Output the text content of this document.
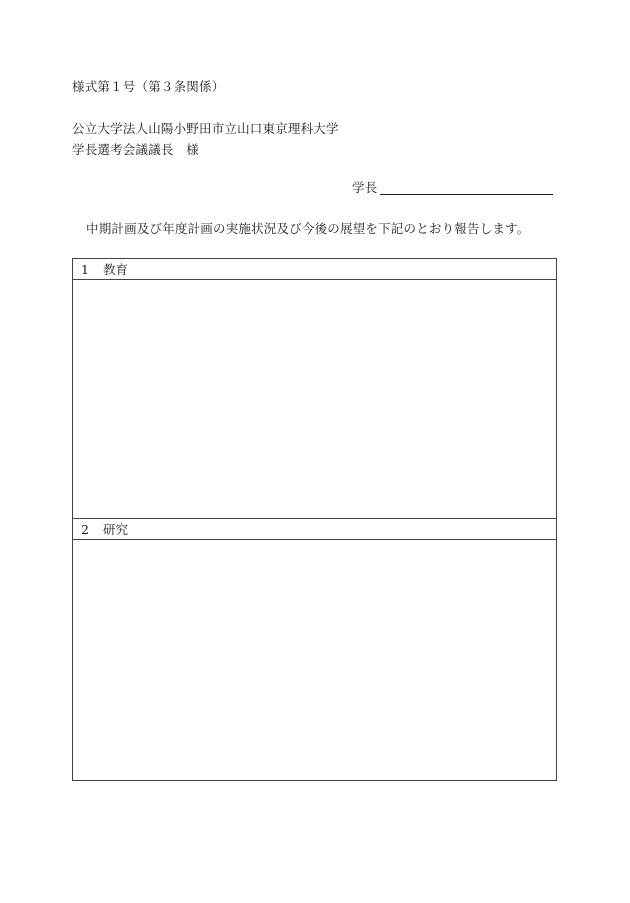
様式第１号（第３条関係）
公立大学法人山陽小野田市立山口東京理科大学
学長選考会議議長　様
学長
中期計画及び年度計画の実施状況及び今後の展望を下記のとおり報告します。
1 教育
2 研究
